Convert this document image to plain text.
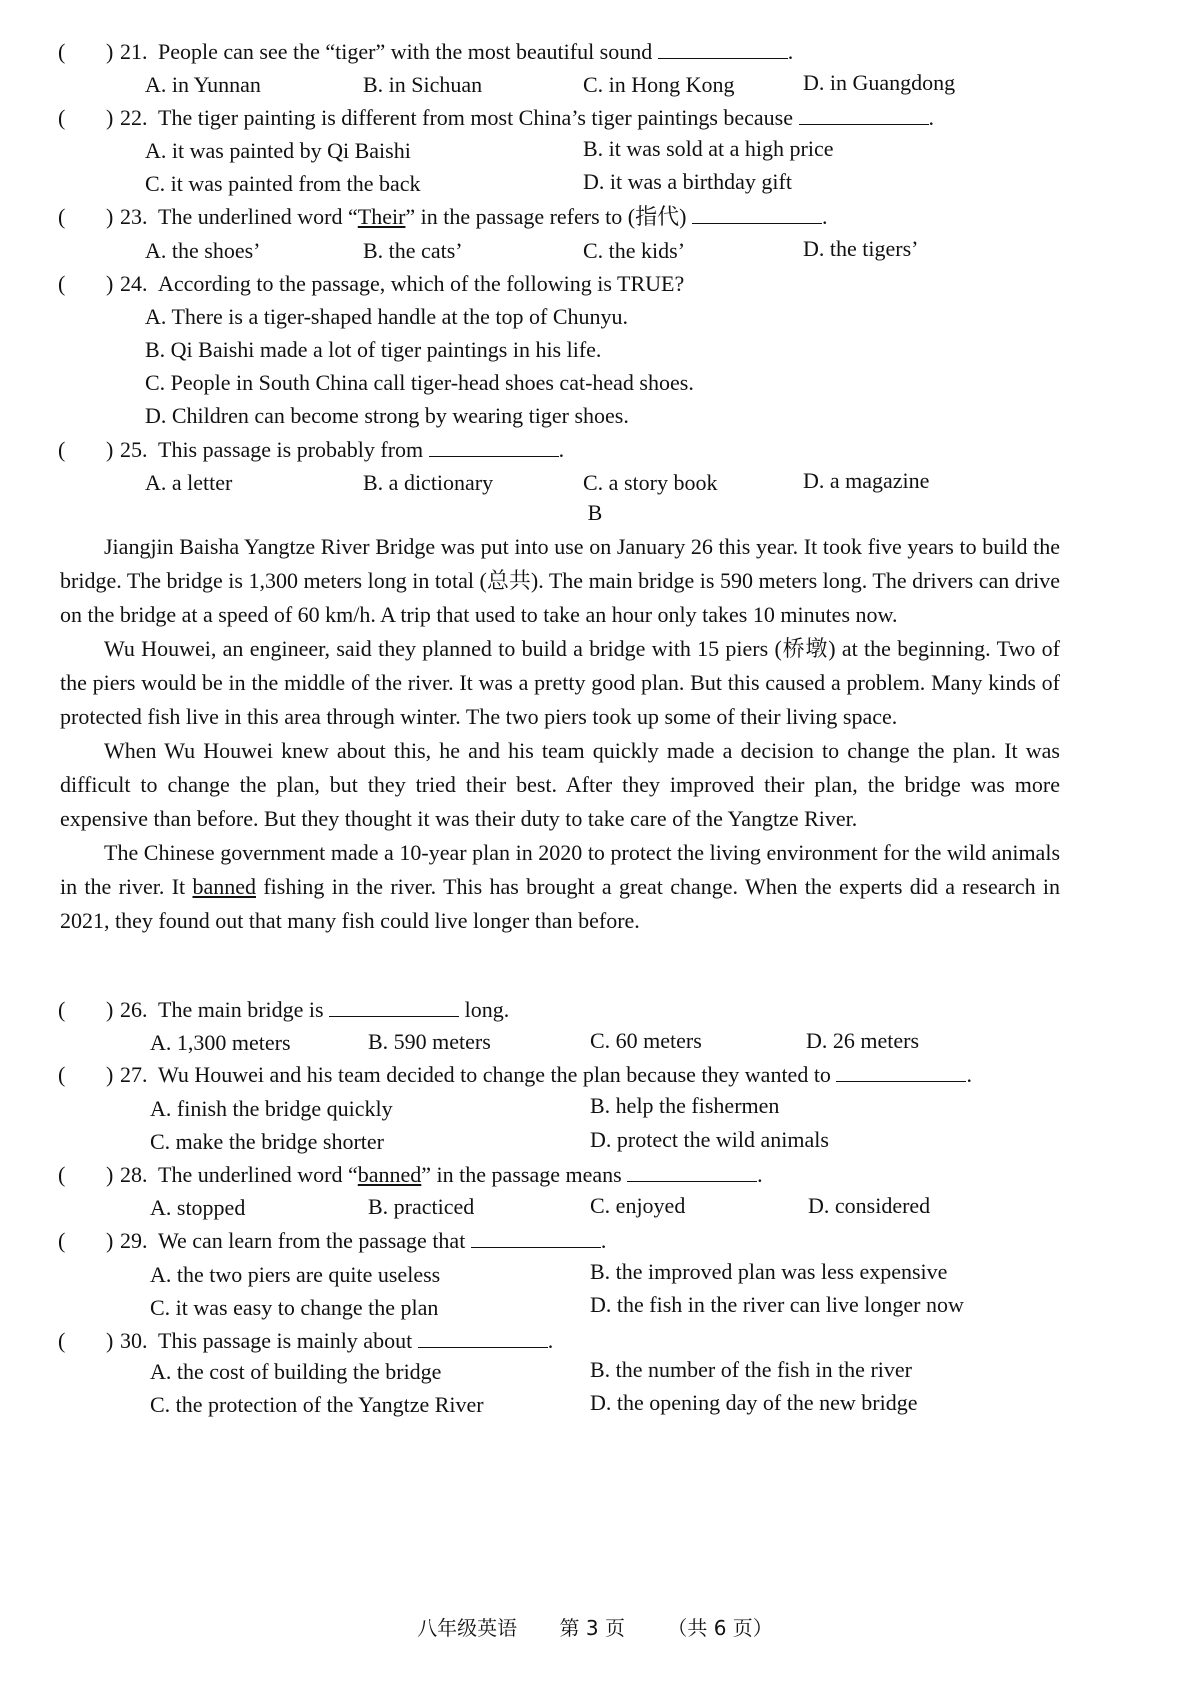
( ) 21. People can see the “tiger” with the most beautiful sound	.
A. in Yunnan	B. in Sichuan	C. in Hong Kong	D. in Guangdong
( ) 22. The tiger painting is different from most China’s tiger paintings because	.
A. it was painted by Qi Baishi	B. it was sold at a high price
C. it was painted from the back	D. it was a birthday gift
( ) 23. The underlined word “Their” in the passage refers to (指代)	.
A. the shoes’	B. the cats’	C. the kids’	D. the tigers’
( ) 24. According to the passage, which of the following is TRUE?
A. There is a tiger-shaped handle at the top of Chunyu.
B. Qi Baishi made a lot of tiger paintings in his life.
C. People in South China call tiger-head shoes cat-head shoes.
D. Children can become strong by wearing tiger shoes.
( ) 25. This passage is probably from	.
A. a letter	B. a dictionary	C. a story book	D. a magazine
B

Jiangjin Baisha Yangtze River Bridge was put into use on January 26 this year. It took five years to build the bridge. The bridge is 1,300 meters long in total (总共). The main bridge is 590 meters long. The drivers can drive on the bridge at a speed of 60 km/h. A trip that used to take an hour only takes 10 minutes now.

Wu Houwei, an engineer, said they planned to build a bridge with 15 piers (桥墩) at the beginning. Two of the piers would be in the middle of the river. It was a pretty good plan. But this caused a problem. Many kinds of protected fish live in this area through winter. The two piers took up some of their living space.

When Wu Houwei knew about this, he and his team quickly made a decision to change the plan. It was difficult to change the plan, but they tried their best. After they improved their plan, the bridge was more expensive than before. But they thought it was their duty to take care of the Yangtze River.

The Chinese government made a 10-year plan in 2020 to protect the living environment for the wild animals in the river. It banned fishing in the river. This has brought a great change. When the experts did a research in 2021, they found out that many fish could live longer than before.

( ) 26. The main bridge is	long.
A. 1,300 meters	B. 590 meters	C. 60 meters	D. 26 meters
( ) 27. Wu Houwei and his team decided to change the plan because they wanted to	.
A. finish the bridge quickly	B. help the fishermen
C. make the bridge shorter	D. protect the wild animals
( ) 28. The underlined word “banned” in the passage means	.
A. stopped	B. practiced	C. enjoyed	D. considered
( ) 29. We can learn from the passage that	.
A. the two piers are quite useless	B. the improved plan was less expensive
C. it was easy to change the plan	D. the fish in the river can live longer now
( ) 30. This passage is mainly about	.
A. the cost of building the bridge	B. the number of the fish in the river
C. the protection of the Yangtze River	D. the opening day of the new bridge
八年级英语 第 3 页 （共 6 页）
